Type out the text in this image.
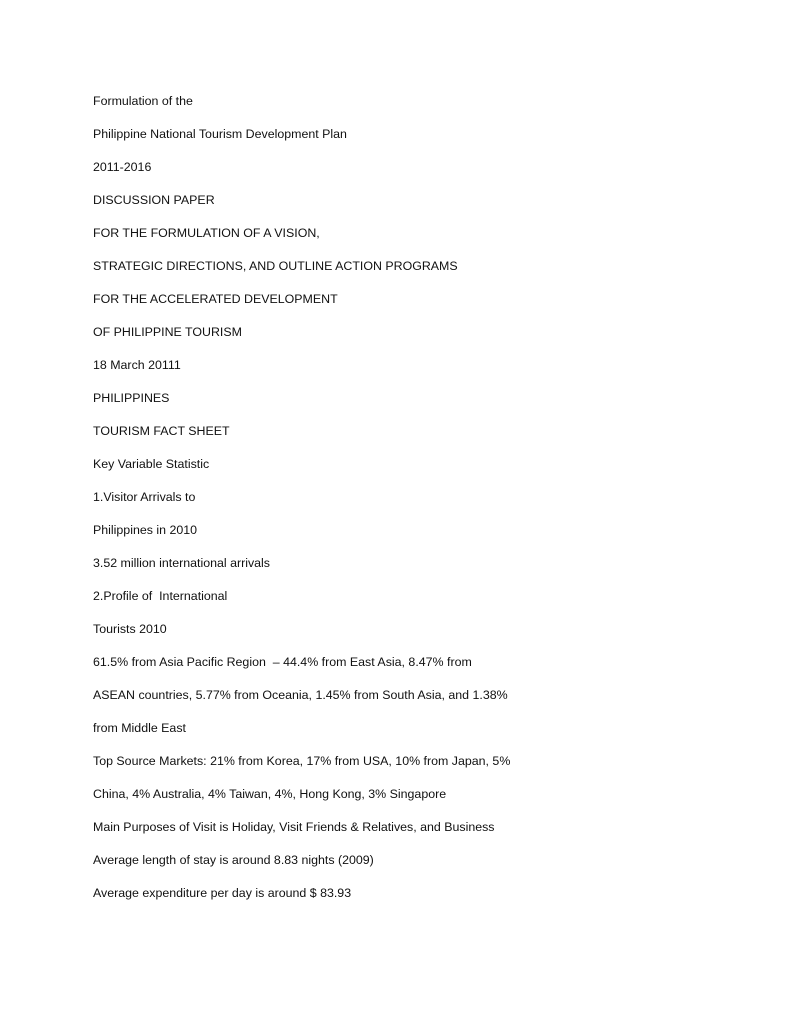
Formulation of the
Philippine National Tourism Development Plan
2011-2016
DISCUSSION PAPER
FOR THE FORMULATION OF A VISION,
STRATEGIC DIRECTIONS, AND OUTLINE ACTION PROGRAMS
FOR THE ACCELERATED DEVELOPMENT
OF PHILIPPINE TOURISM
18 March 20111
PHILIPPINES
TOURISM FACT SHEET
Key Variable Statistic
1.Visitor Arrivals to
Philippines in 2010
3.52 million international arrivals
2.Profile of  International
Tourists 2010
61.5% from Asia Pacific Region  – 44.4% from East Asia, 8.47% from
ASEAN countries, 5.77% from Oceania, 1.45% from South Asia, and 1.38%
from Middle East
Top Source Markets: 21% from Korea, 17% from USA, 10% from Japan, 5%
China, 4% Australia, 4% Taiwan, 4%, Hong Kong, 3% Singapore
Main Purposes of Visit is Holiday, Visit Friends & Relatives, and Business
Average length of stay is around 8.83 nights (2009)
Average expenditure per day is around $ 83.93
